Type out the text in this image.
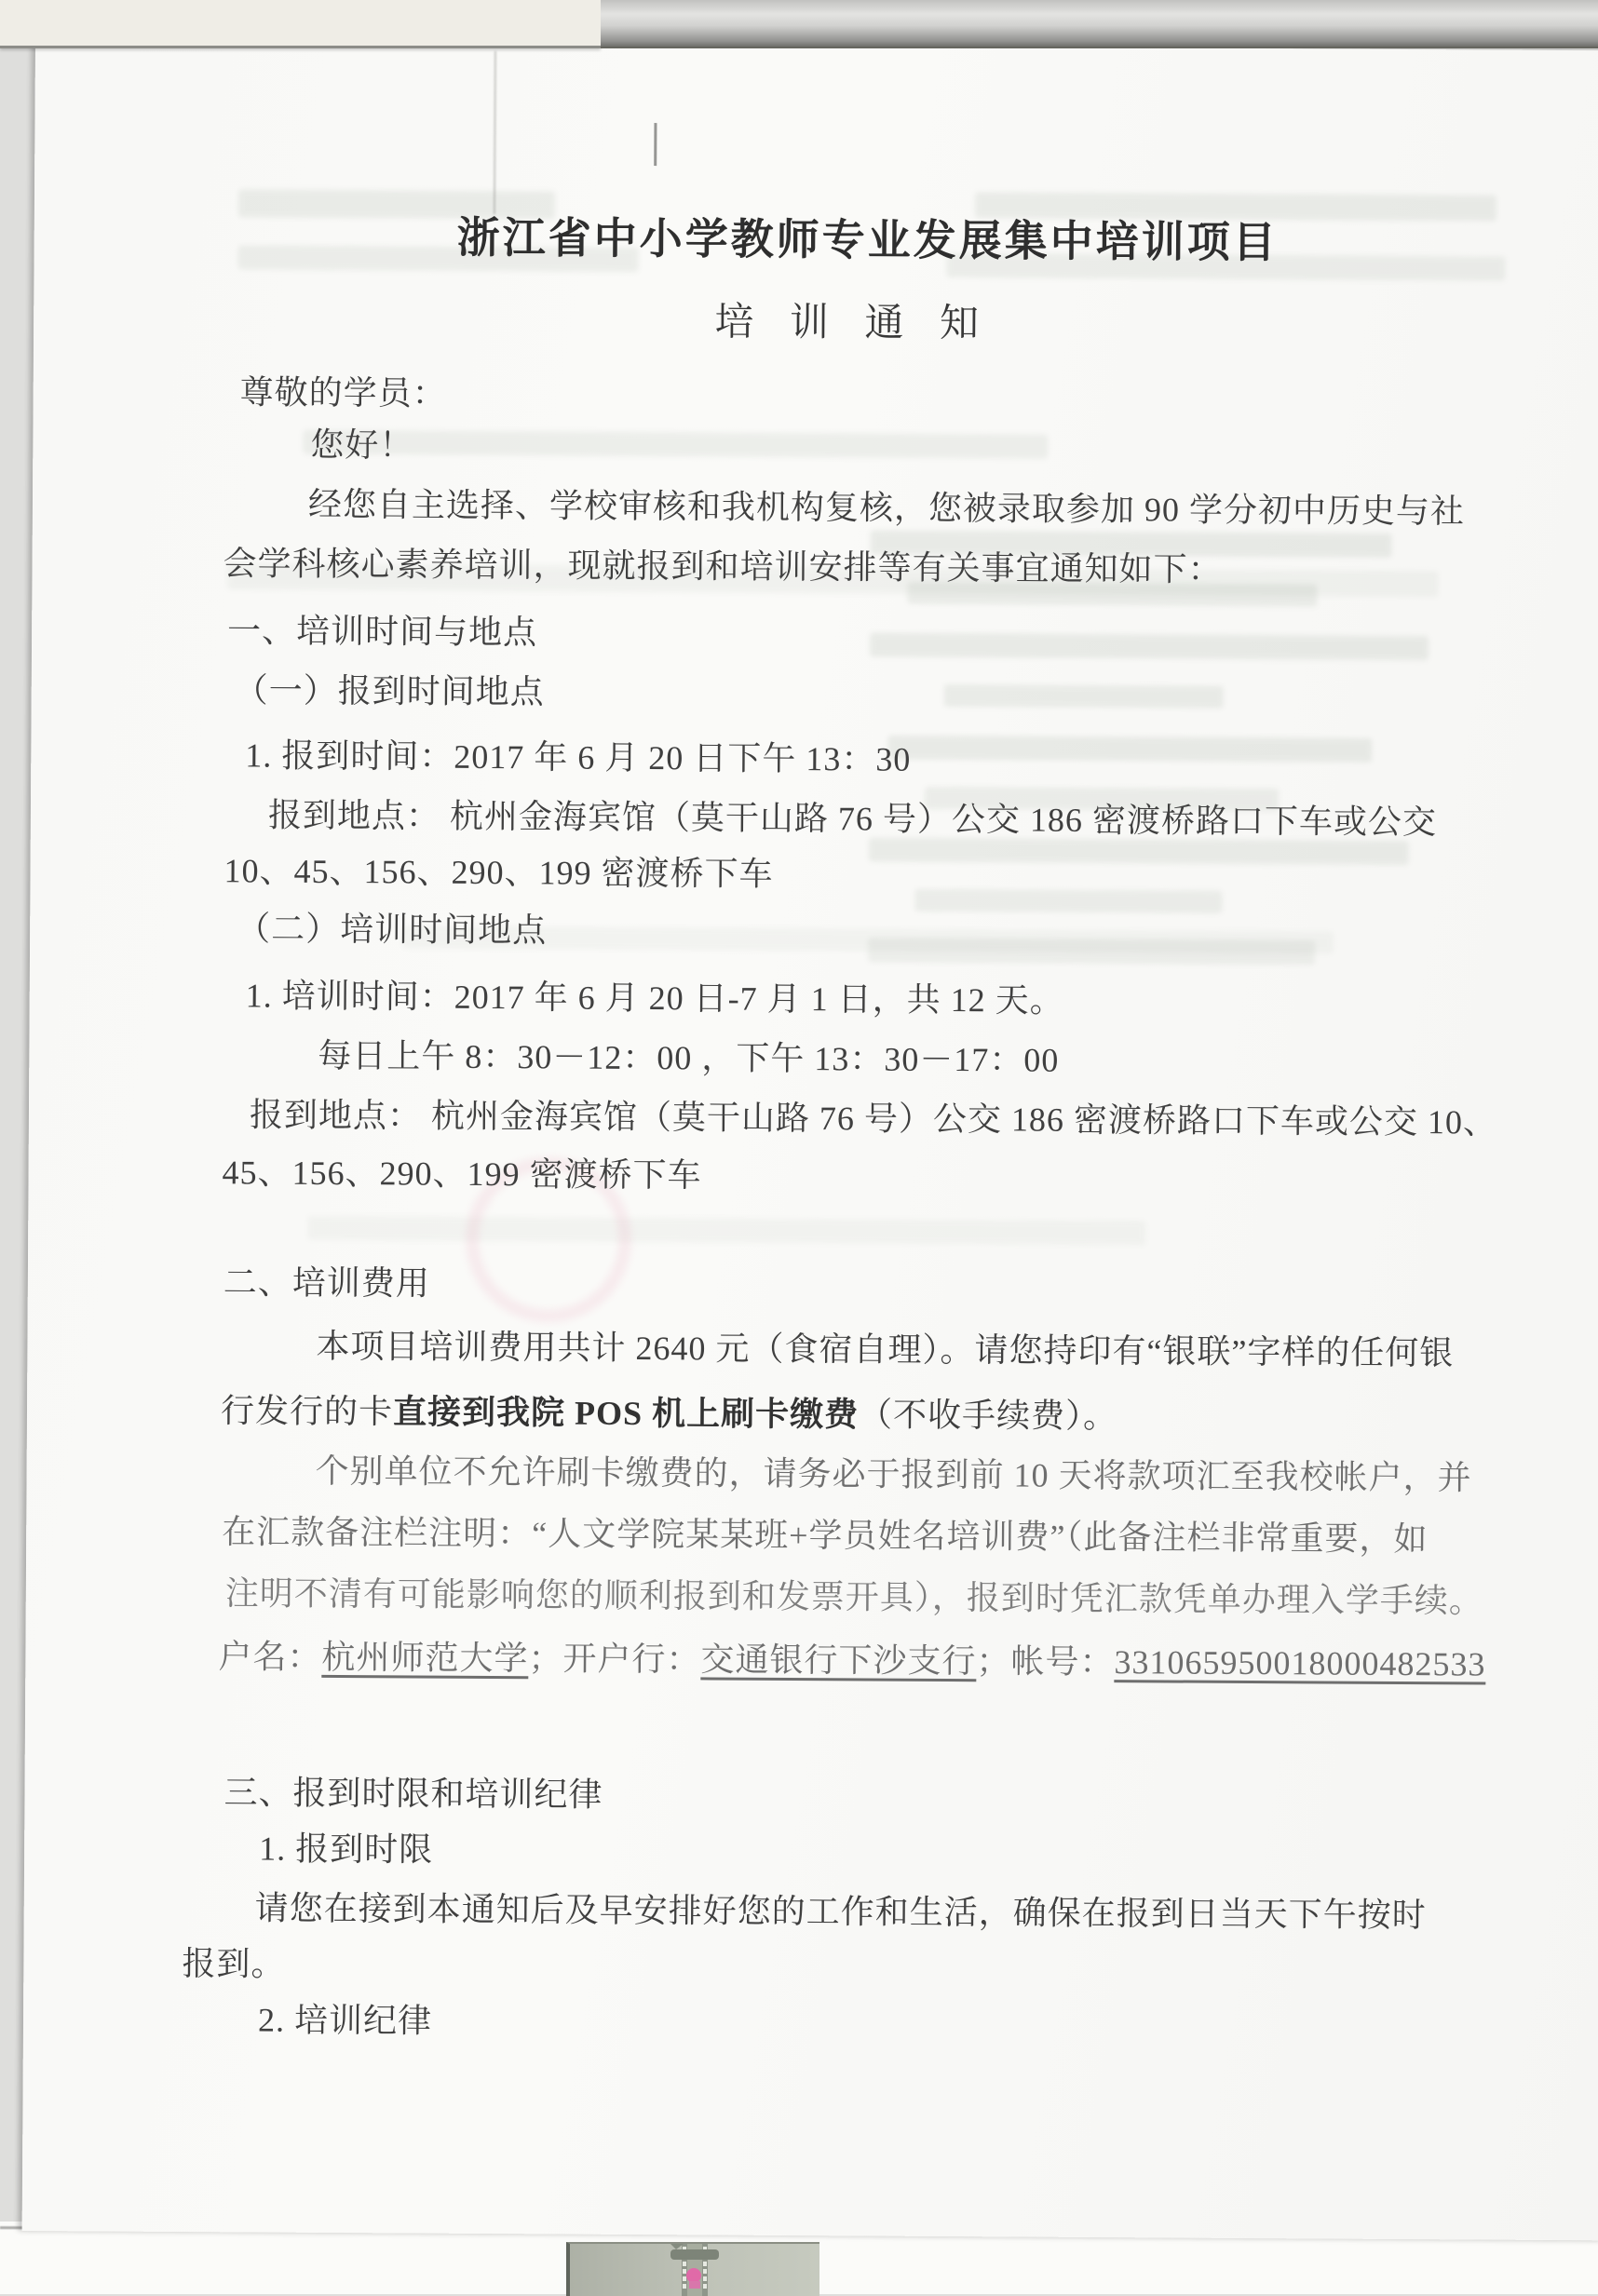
浙江省中小学教师专业发展集中培训项目
培 训 通 知
尊敬的学员：
您好！
经您自主选择、学校审核和我机构复核，您被录取参加 90 学分初中历史与社
会学科核心素养培训，现就报到和培训安排等有关事宜通知如下：
一、培训时间与地点
（一）报到时间地点
1. 报到时间：2017 年 6 月 20 日下午 13：30
报到地点： 杭州金海宾馆（莫干山路 76 号）公交 186 密渡桥路口下车或公交
10、45、156、290、199 密渡桥下车
（二）培训时间地点
1. 培训时间：2017 年 6 月 20 日-7 月 1 日，共 12 天。
每日上午 8：30－12：00 ，下午 13：30－17：00
报到地点： 杭州金海宾馆（莫干山路 76 号）公交 186 密渡桥路口下车或公交 10、
45、156、290、199 密渡桥下车
二、培训费用
本项目培训费用共计 2640 元（食宿自理）。请您持印有“银联”字样的任何银
行发行的卡直接到我院 POS 机上刷卡缴费（不收手续费）。
个别单位不允许刷卡缴费的，请务必于报到前 10 天将款项汇至我校帐户，并
在汇款备注栏注明：“人文学院某某班+学员姓名培训费”（此备注栏非常重要，如
注明不清有可能影响您的顺利报到和发票开具），报到时凭汇款凭单办理入学手续。
户名：杭州师范大学；开户行：交通银行下沙支行；帐号：331065950018000482533
三、报到时限和培训纪律
1. 报到时限
请您在接到本通知后及早安排好您的工作和生活，确保在报到日当天下午按时
报到。
2. 培训纪律
